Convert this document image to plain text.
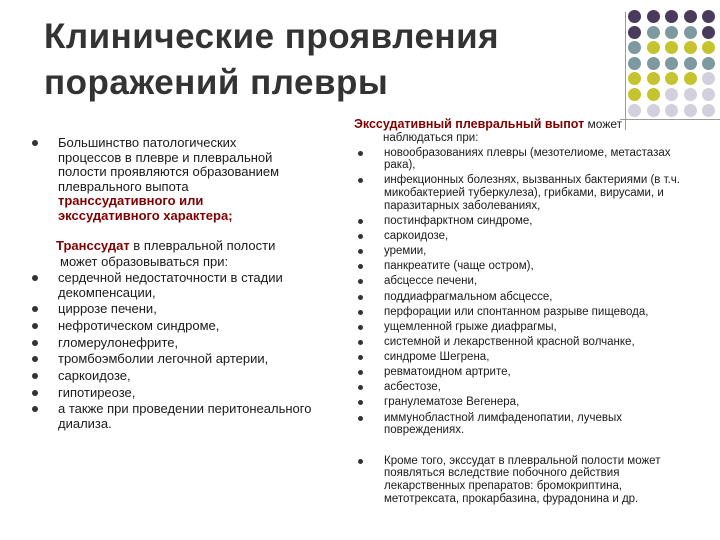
Клинические проявления
поражений плевры
Большинство патологических
процессов в плевре и плевральной
полости проявляются образованием
плеврального выпота
транссудативного или
экссудативного характера;
Транссудат в плевральной полости
может образовываться при:
сердечной недостаточности в стадии декомпенсации,
циррозе печени,
нефротическом синдроме,
гломерулонефрите,
тромбоэмболии легочной артерии,
саркоидозе,
гипотиреозе,
а также при проведении перитонеального диализа.
Экссудативный плевральный выпот может
наблюдаться при:
новообразованиях плевры (мезотелиоме, метастазах рака),
инфекционных болезнях, вызванных бактериями (в т.ч. микобактерией туберкулеза), грибками, вирусами, и паразитарных заболеваниях,
постинфарктном синдроме,
саркоидозе,
уремии,
панкреатите (чаще остром),
абсцессе печени,
поддиафрагмальном абсцессе,
перфорации или спонтанном разрыве пищевода,
ущемленной грыже диафрагмы,
системной и лекарственной красной волчанке,
синдроме Шегрена,
ревматоидном артрите,
асбестозе,
гранулематозе Вегенера,
иммунобластной лимфаденопатии, лучевых повреждениях.
Кроме того, экссудат в плевральной полости может появляться вследствие побочного действия лекарственных препаратов: бромокриптина, метотрексата, прокарбазина, фурадонина и др.
